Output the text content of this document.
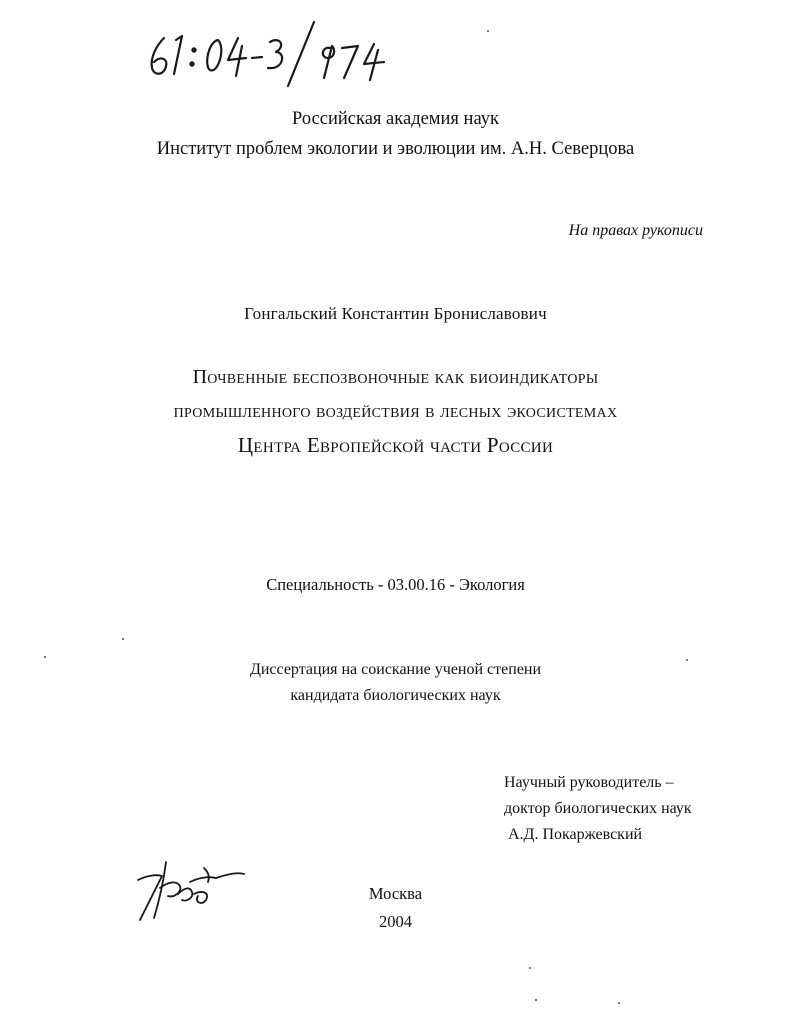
Российская академия наук
Институт проблем экологии и эволюции им. А.Н. Северцова
На правах рукописи
Гонгальский Константин Брониславович
Почвенные беспозвоночные как биоиндикаторы
промышленного воздействия в лесных экосистемах
Центра Европейской части России
Специальность - 03.00.16 - Экология
Диссертация на соискание ученой степени
кандидата биологических наук
Научный руководитель –
доктор биологических наук
А.Д. Покаржевский
Москва
2004
